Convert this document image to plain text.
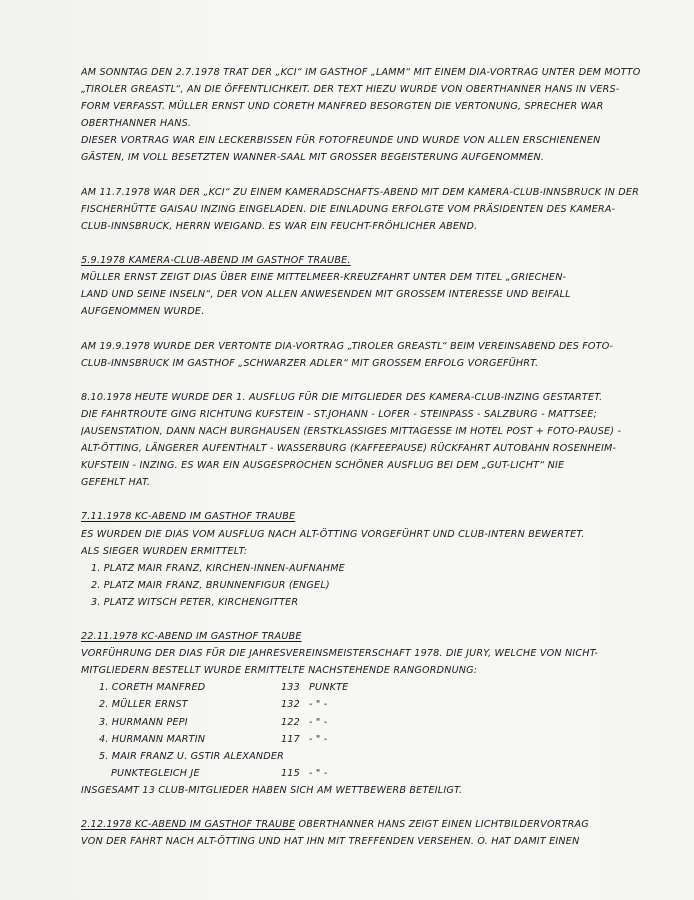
AM SONNTAG DEN 2.7.1978 TRAT DER „KCI“ IM GASTHOF „LAMM“ MIT EINEM DIA-VORTRAG UNTER DEM MOTTO
„TIROLER GREASTL“, AN DIE ÖFFENTLICHKEIT. DER TEXT HIEZU WURDE VON OBERTHANNER HANS IN VERS-
FORM VERFASST. MÜLLER ERNST UND CORETH MANFRED BESORGTEN DIE VERTONUNG, SPRECHER WAR
OBERTHANNER HANS.
DIESER VORTRAG WAR EIN LECKERBISSEN FÜR FOTOFREUNDE UND WURDE VON ALLEN ERSCHIENENEN
GÄSTEN, IM VOLL BESETZTEN WANNER-SAAL MIT GROSSER BEGEISTERUNG AUFGENOMMEN.
AM 11.7.1978 WAR DER „KCI“ ZU EINEM KAMERADSCHAFTS-ABEND MIT DEM KAMERA-CLUB-INNSBRUCK IN DER
FISCHERHÜTTE GAISAU INZING EINGELADEN. DIE EINLADUNG ERFOLGTE VOM PRÄSIDENTEN DES KAMERA-
CLUB-INNSBRUCK, HERRN WEIGAND. ES WAR EIN FEUCHT-FRÖHLICHER ABEND.
5.9.1978 KAMERA-CLUB-ABEND IM GASTHOF TRAUBE.
MÜLLER ERNST ZEIGT DIAS ÜBER EINE MITTELMEER-KREUZFAHRT UNTER DEM TITEL „GRIECHEN-
LAND UND SEINE INSELN“, DER VON ALLEN ANWESENDEN MIT GROSSEM INTERESSE UND BEIFALL
AUFGENOMMEN WURDE.
AM 19.9.1978 WURDE DER VERTONTE DIA-VORTRAG „TIROLER GREASTL“ BEIM VEREINSABEND DES FOTO-
CLUB-INNSBRUCK IM GASTHOF „SCHWARZER ADLER“ MIT GROSSEM ERFOLG VORGEFÜHRT.
8.10.1978 HEUTE WURDE DER 1. AUSFLUG FÜR DIE MITGLIEDER DES KAMERA-CLUB-INZING GESTARTET.
DIE FAHRTROUTE GING RICHTUNG KUFSTEIN - ST.JOHANN - LOFER - STEINPASS - SALZBURG - MATTSEE;
JAUSENSTATION, DANN NACH BURGHAUSEN (ERSTKLASSIGES MITTAGESSE IM HOTEL POST + FOTO-PAUSE) -
ALT-ÖTTING, LÄNGERER AUFENTHALT - WASSERBURG (KAFFEEPAUSE) RÜCKFAHRT AUTOBAHN ROSENHEIM-
KUFSTEIN - INZING. ES WAR EIN AUSGESPROCHEN SCHÖNER AUSFLUG BEI DEM „GUT-LICHT“ NIE
GEFEHLT HAT.
7.11.1978 KC-ABEND IM GASTHOF TRAUBE
ES WURDEN DIE DIAS VOM AUSFLUG NACH ALT-ÖTTING VORGEFÜHRT UND CLUB-INTERN BEWERTET.
ALS SIEGER WURDEN ERMITTELT:
1. PLATZ MAIR FRANZ, KIRCHEN-INNEN-AUFNAHME
2. PLATZ MAIR FRANZ, BRUNNENFIGUR (ENGEL)
3. PLATZ WITSCH PETER, KIRCHENGITTER
22.11.1978 KC-ABEND IM GASTHOF TRAUBE
VORFÜHRUNG DER DIAS FÜR DIE JAHRESVEREINSMEISTERSCHAFT 1978. DIE JURY, WELCHE VON NICHT-
MITGLIEDERN BESTELLT WURDE ERMITTELTE NACHSTEHENDE RANGORDNUNG:
1. CORETH MANFRED	133 PUNKTE
2. MÜLLER ERNST	132 - " -
3. HURMANN PEPI	122 - " -
4. HURMANN MARTIN	117 - " -
5. MAIR FRANZ U. GSTIR ALEXANDER
PUNKTEGLEICH JE	115 - " -
INSGESAMT 13 CLUB-MITGLIEDER HABEN SICH AM WETTBEWERB BETEILIGT.
2.12.1978 KC-ABEND IM GASTHOF TRAUBE OBERTHANNER HANS ZEIGT EINEN LICHTBILDERVORTRAG
VON DER FAHRT NACH ALT-ÖTTING UND HAT IHN MIT TREFFENDEN VERSEHEN. O. HAT DAMIT EINEN
